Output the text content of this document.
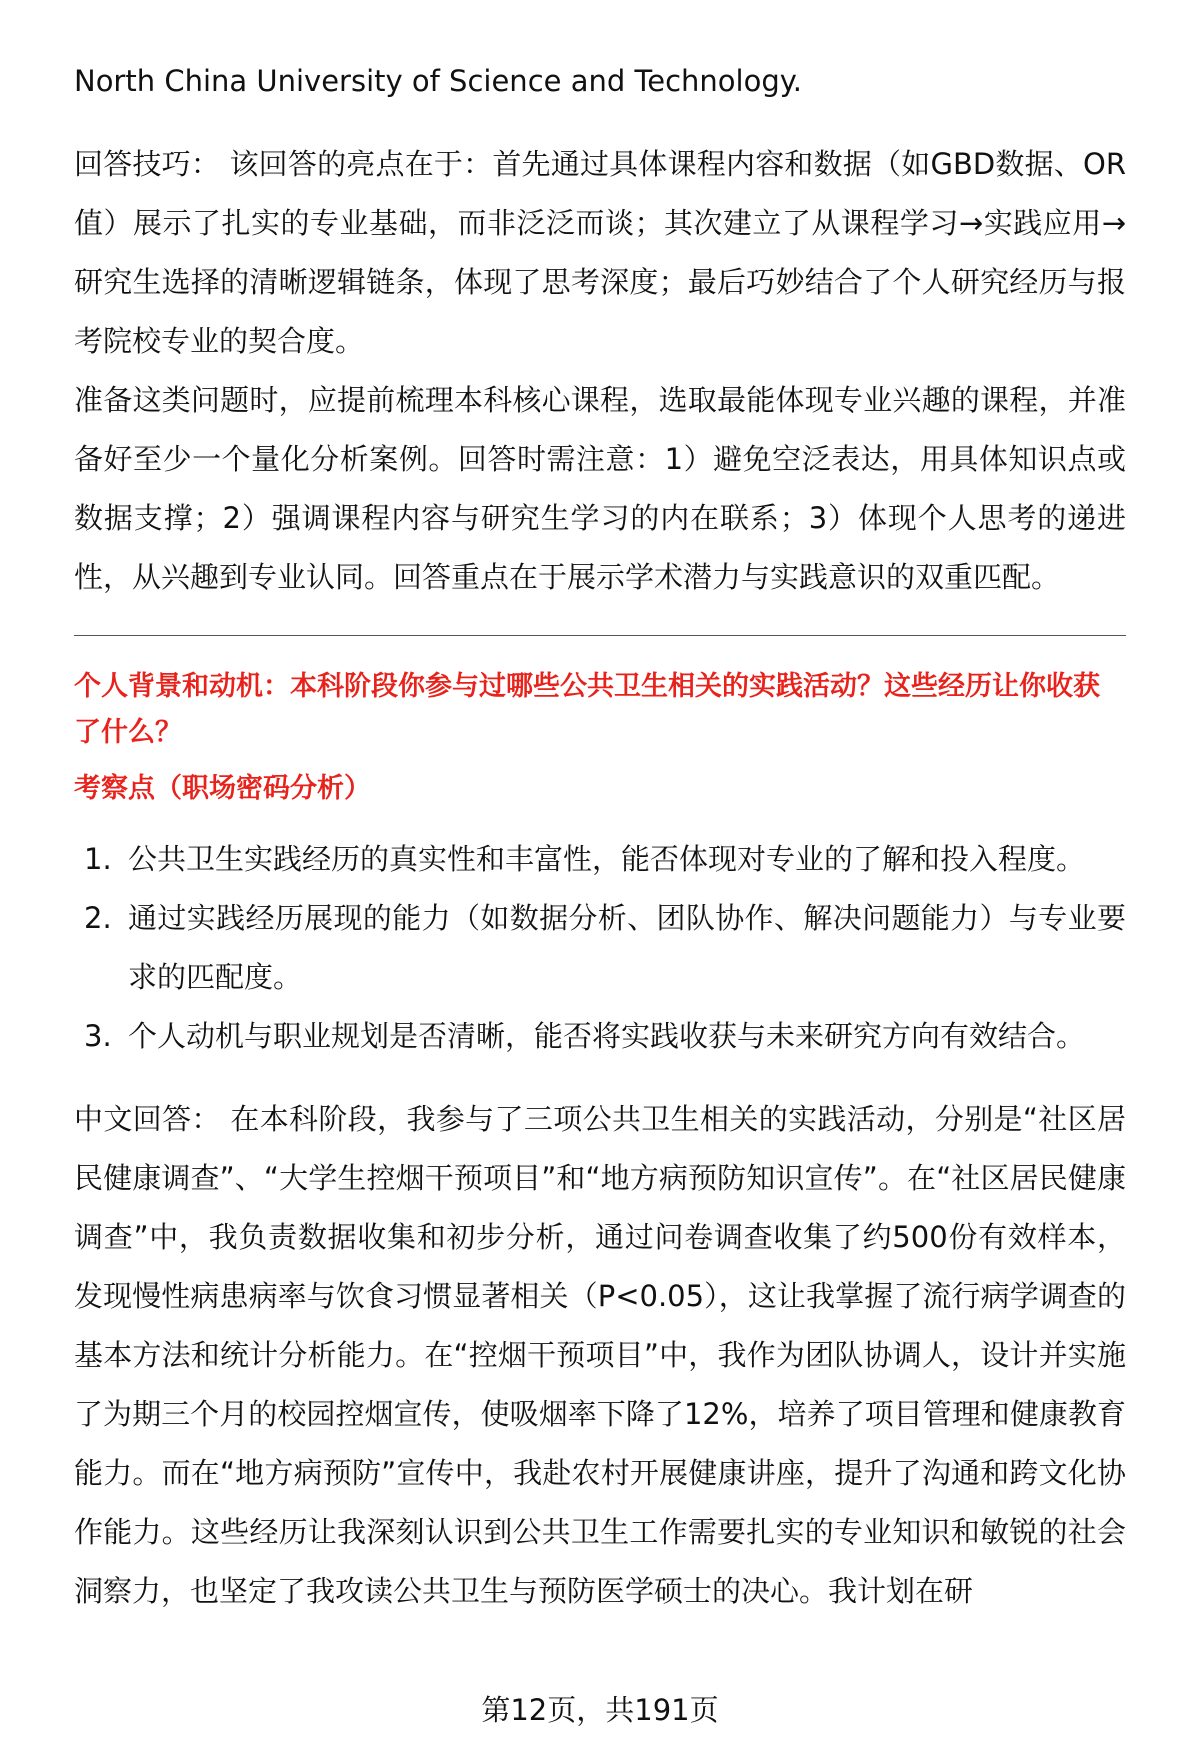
North China University of Science and Technology.

回答技巧： 该回答的亮点在于：首先通过具体课程内容和数据（如GBD数据、OR值）展示了扎实的专业基础，而非泛泛而谈；其次建立了从课程学习→实践应用→研究生选择的清晰逻辑链条，体现了思考深度；最后巧妙结合了个人研究经历与报考院校专业的契合度。

准备这类问题时，应提前梳理本科核心课程，选取最能体现专业兴趣的课程，并准备好至少一个量化分析案例。回答时需注意：1）避免空泛表达，用具体知识点或数据支撑；2）强调课程内容与研究生学习的内在联系；3）体现个人思考的递进性，从兴趣到专业认同。回答重点在于展示学术潜力与实践意识的双重匹配。

个人背景和动机：本科阶段你参与过哪些公共卫生相关的实践活动？这些经历让你收获了什么？

考察点（职场密码分析）

1. 公共卫生实践经历的真实性和丰富性，能否体现对专业的了解和投入程度。
2. 通过实践经历展现的能力（如数据分析、团队协作、解决问题能力）与专业要求的匹配度。
3. 个人动机与职业规划是否清晰，能否将实践收获与未来研究方向有效结合。

中文回答： 在本科阶段，我参与了三项公共卫生相关的实践活动，分别是“社区居民健康调查”、“大学生控烟干预项目”和“地方病预防知识宣传”。在“社区居民健康调查”中，我负责数据收集和初步分析，通过问卷调查收集了约500份有效样本，发现慢性病患病率与饮食习惯显著相关（P<0.05），这让我掌握了流行病学调查的基本方法和统计分析能力。在“控烟干预项目”中，我作为团队协调人，设计并实施了为期三个月的校园控烟宣传，使吸烟率下降了12%，培养了项目管理和健康教育能力。而在“地方病预防”宣传中，我赴农村开展健康讲座，提升了沟通和跨文化协作能力。这些经历让我深刻认识到公共卫生工作需要扎实的专业知识和敏锐的社会洞察力，也坚定了我攻读公共卫生与预防医学硕士的决心。我计划在研

第12页，共191页
